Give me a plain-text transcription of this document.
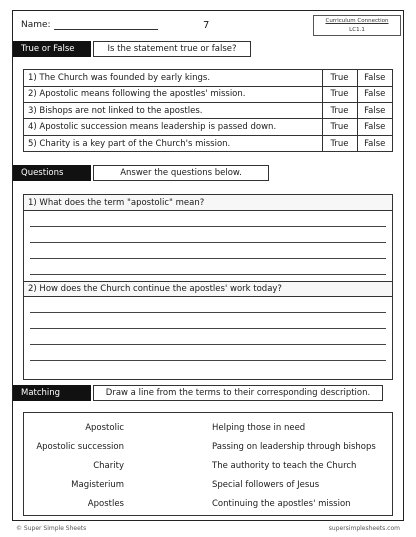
Name:	7	Curriculum Connection
LC1.1
True or False	Is the statement true or false?
1) The Church was founded by early kings.	True	False
2) Apostolic means following the apostles' mission.	True	False
3) Bishops are not linked to the apostles.	True	False
4) Apostolic succession means leadership is passed down.	True	False
5) Charity is a key part of the Church's mission.	True	False
Questions	Answer the questions below.
1) What does the term "apostolic" mean?
2) How does the Church continue the apostles' work today?
Matching	Draw a line from the terms to their corresponding description.
Apostolic	Helping those in need
Apostolic succession	Passing on leadership through bishops
Charity	The authority to teach the Church
Magisterium	Special followers of Jesus
Apostles	Continuing the apostles' mission
© Super Simple Sheets	supersimplesheets.com
